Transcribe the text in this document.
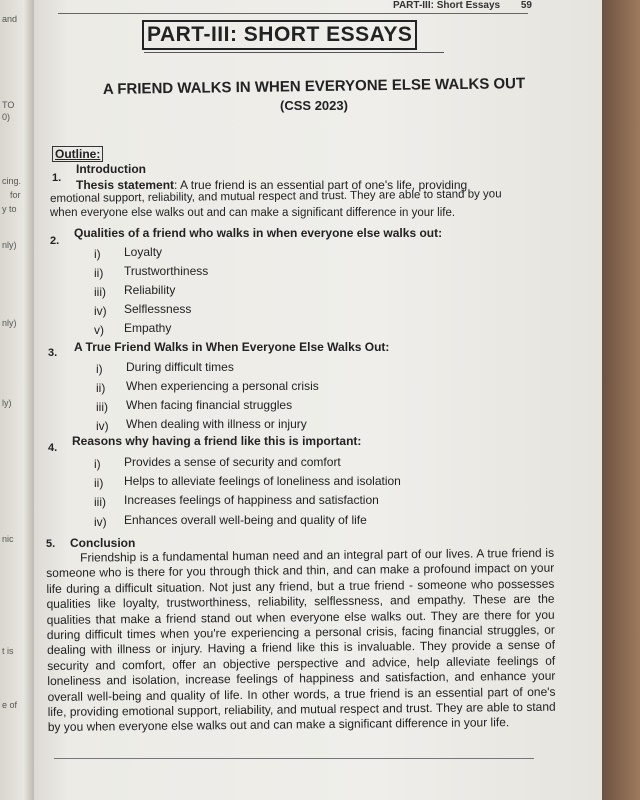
and
TO
0)
cing.
for
y to
nly)
nly)
ly)
nic
t is
e of
PART-III: Short Essays 59
PART-III: SHORT ESSAYS
A FRIEND WALKS IN WHEN EVERYONE ELSE WALKS OUT
(CSS 2023)
Outline:
1.
Introduction
Thesis statement: A true friend is an essential part of one's life, providing
emotional support, reliability, and mutual respect and trust. They are able to stand by you
when everyone else walks out and can make a significant difference in your life.
2.
Qualities of a friend who walks in when everyone else walks out:
i) Loyalty
ii) Trustworthiness
iii) Reliability
iv) Selflessness
v) Empathy
3. A True Friend Walks in When Everyone Else Walks Out:
i) During difficult times
ii) When experiencing a personal crisis
iii) When facing financial struggles
iv) When dealing with illness or injury
4. Reasons why having a friend like this is important:
i) Provides a sense of security and comfort
ii) Helps to alleviate feelings of loneliness and isolation
iii) Increases feelings of happiness and satisfaction
iv) Enhances overall well-being and quality of life
5. Conclusion
Friendship is a fundamental human need and an integral part of our lives. A true friend is someone who is there for you through thick and thin, and can make a profound impact on your life during a difficult situation. Not just any friend, but a true friend - someone who possesses qualities like loyalty, trustworthiness, reliability, selflessness, and empathy. These are the qualities that make a friend stand out when everyone else walks out. They are there for you during difficult times when you're experiencing a personal crisis, facing financial struggles, or dealing with illness or injury. Having a friend like this is invaluable. They provide a sense of security and comfort, offer an objective perspective and advice, help alleviate feelings of loneliness and isolation, increase feelings of happiness and satisfaction, and enhance your overall well-being and quality of life. In other words, a true friend is an essential part of one's life, providing emotional support, reliability, and mutual respect and trust. They are able to stand by you when everyone else walks out and can make a significant difference in your life.
